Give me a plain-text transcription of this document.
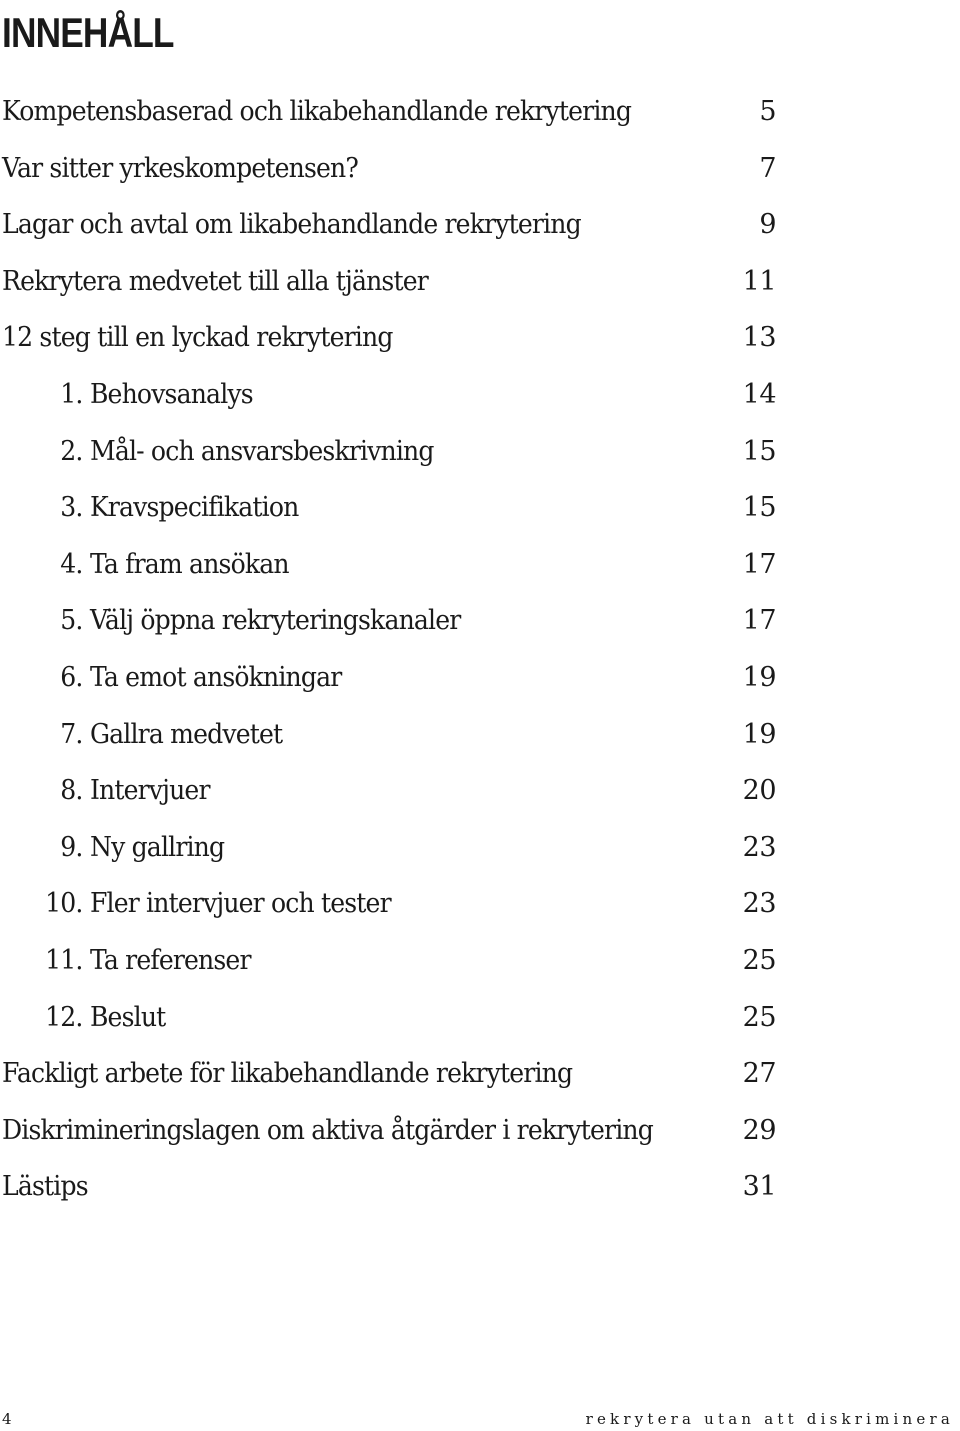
INNEHÅLL
Kompetensbaserad och likabehandlande rekrytering	5
Var sitter yrkeskompetensen?	7
Lagar och avtal om likabehandlande rekrytering	9
Rekrytera medvetet till alla tjänster	11
12 steg till en lyckad rekrytering	13
1. Behovsanalys	14
2. Mål- och ansvarsbeskrivning	15
3. Kravspecifikation	15
4. Ta fram ansökan	17
5. Välj öppna rekryteringskanaler	17
6. Ta emot ansökningar	19
7. Gallra medvetet	19
8. Intervjuer	20
9. Ny gallring	23
10. Fler intervjuer och tester	23
11. Ta referenser	25
12. Beslut	25
Fackligt arbete för likabehandlande rekrytering	27
Diskrimineringslagen om aktiva åtgärder i rekrytering	29
Lästips	31
4	rekrytera utan att diskriminera
